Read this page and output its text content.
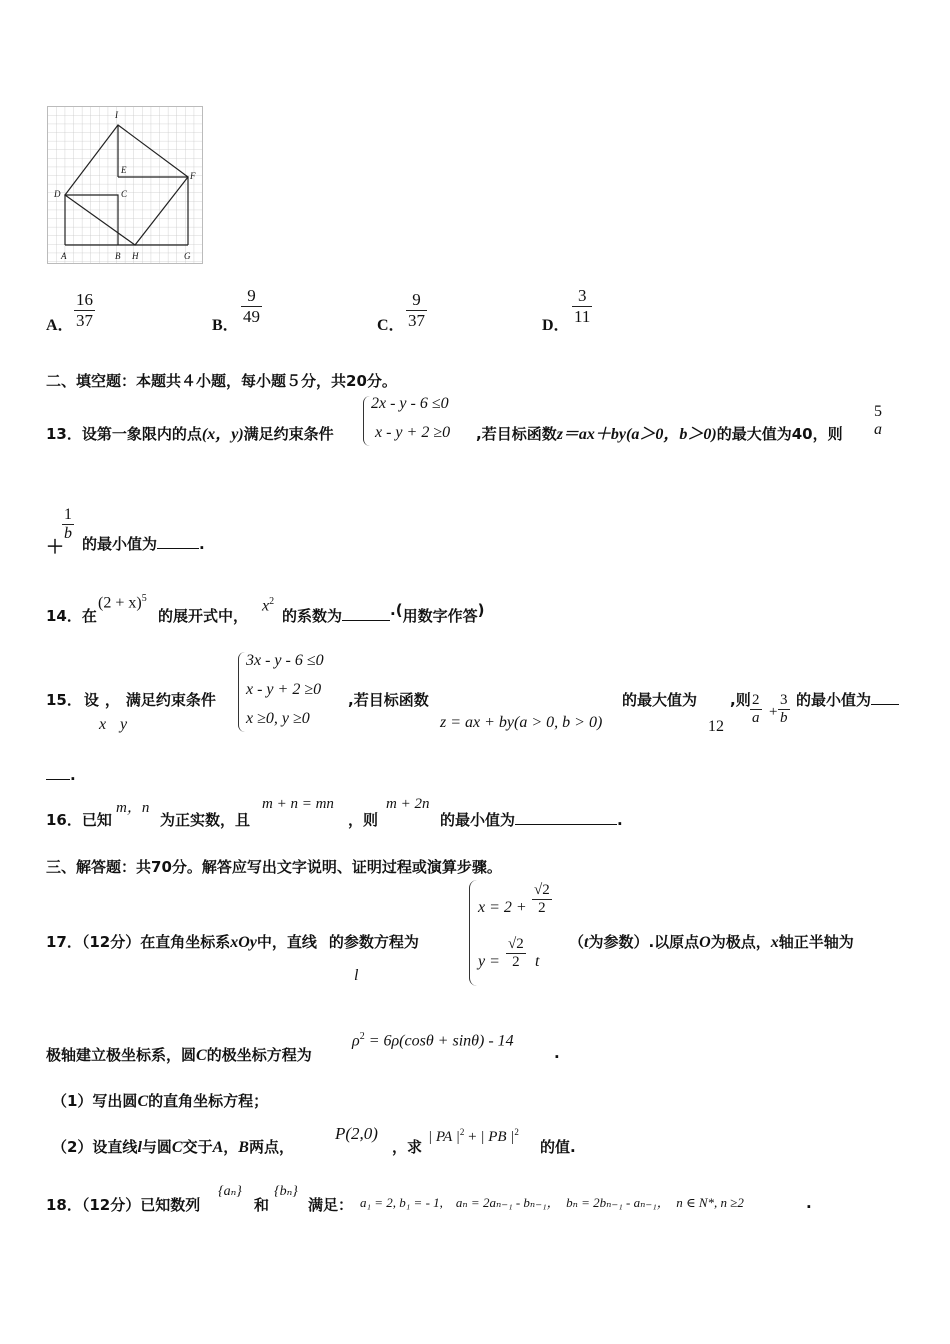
I
E
F
D	C
A	B H	G
A． $\frac{16}{37}$	B． $\frac{9}{49}$	C． $\frac{9}{37}$	D． $\frac{3}{11}$
二、填空题：本题共４小题，每小题５分，共20分。
13．设第一象限内的点(x，y)满足约束条件
2x - y - 6 ≤0
x - y + 2 ≥0 ,若目标函数z＝ax＋by(a＞0，b＞0)的最大值为40，则
5
a
＋
$\frac{1}{b}$
的最小值为	.
14．在
$(2 + x)^5$
的展开式中，
$x^2$
的系数为	.(用数字作答)
15． 设 ， 满足约束条件
x y
3x - y - 6 ≤0
x - y + 2 ≥0
x ≥0, y ≥0
,若目标函数
z = ax + by(a > 0, b > 0)
的最大值为
12
,则 $\frac{2}{a} + \frac{3}{b}$ 的最小值为
.
16．已知
m，n
为正实数，且
m + n = mn
，则
m + 2n
的最小值为	.
三、解答题：共70分。解答应写出文字说明、证明过程或演算步骤。
17．（12分）在直角坐标系xOy中，直线 的参数方程为
l
$x = 2 + \frac{√2}{2}$
$y = \frac{√2}{2}$ t
（t为参数）.以原点O为极点，x轴正半轴为
极轴建立极坐标系，圆C的极坐标方程为
$\rho^2 = 6\rho(\cos\theta + \sin\theta) - 14$
.
（1）写出圆C的直角坐标方程；
（2）设直线l与圆C交于A，B两点，
P(2,0)
，求
| PA $|^2$ + | PB $|^2$
的值.
18．（12分）已知数列
{aₙ}
和
{bₙ}
满足： a₁ = 2, b₁ = - 1,　aₙ = 2aₙ₋₁ - bₙ₋₁，　bₙ = 2bₙ₋₁ - aₙ₋₁，　n ∈ N*, n ≥2	.
